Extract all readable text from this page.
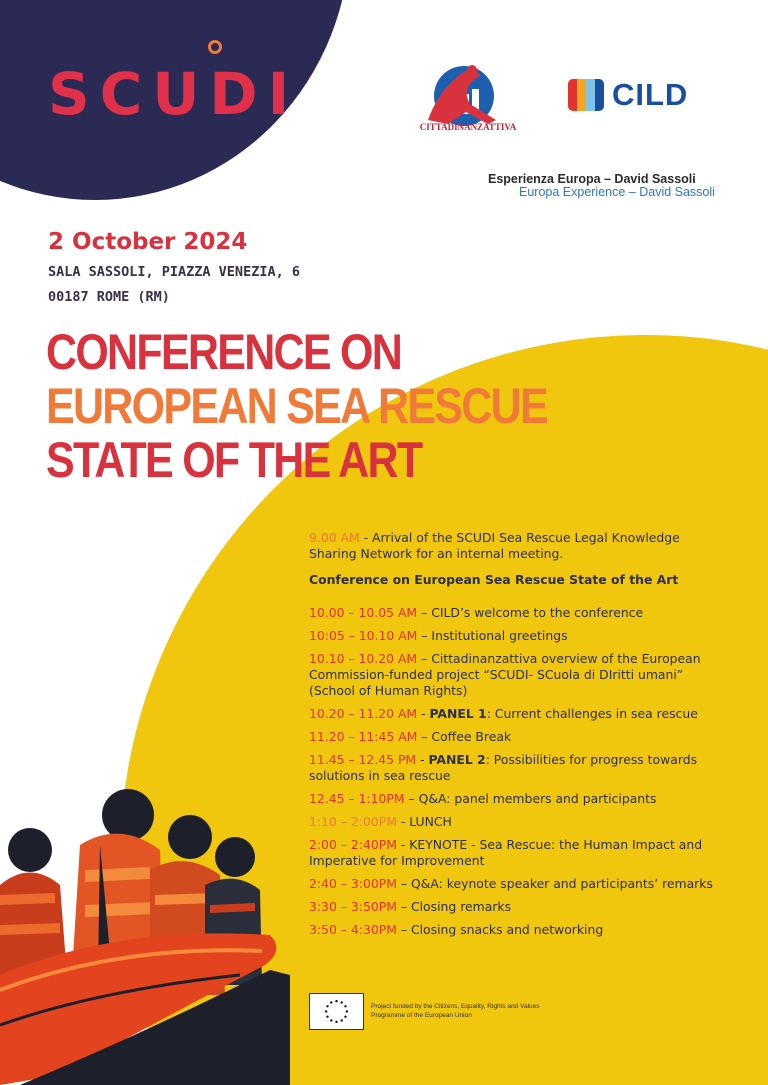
SCUDI	CITTADINANZATTIVA
CILD
Esperienza Europa – David Sassoli
Europa Experience – David Sassoli
2 October 2024
SALA SASSOLI, PIAZZA VENEZIA, 6
00187 ROME (RM)
CONFERENCE ON
EUROPEAN SEA RESCUE
STATE OF THE ART
9.00 AM - Arrival of the SCUDI Sea Rescue Legal Knowledge Sharing Network for an internal meeting.
Conference on European Sea Rescue State of the Art
10.00 – 10.05 AM – CILD’s welcome to the conference
10:05 – 10.10 AM – Institutional greetings
10.10 – 10.20 AM – Cittadinanzattiva overview of the European Commission-funded project “SCUDI- SCuola di DIritti umani” (School of Human Rights)
10.20 – 11.20 AM - PANEL 1: Current challenges in sea rescue
11.20 – 11:45 AM – Coffee Break
11.45 – 12.45 PM - PANEL 2: Possibilities for progress towards solutions in sea rescue
12.45 – 1:10PM – Q&A: panel members and participants
1:10 – 2:00PM - LUNCH
2:00 – 2:40PM - KEYNOTE - Sea Rescue: the Human Impact and Imperative for Improvement
2:40 – 3:00PM – Q&A: keynote speaker and participants’ remarks
3:30 – 3:50PM – Closing remarks
3:50 – 4:30PM – Closing snacks and networking
Project funded by the Citizens, Equality, Rights and Values Programme of the European Union
